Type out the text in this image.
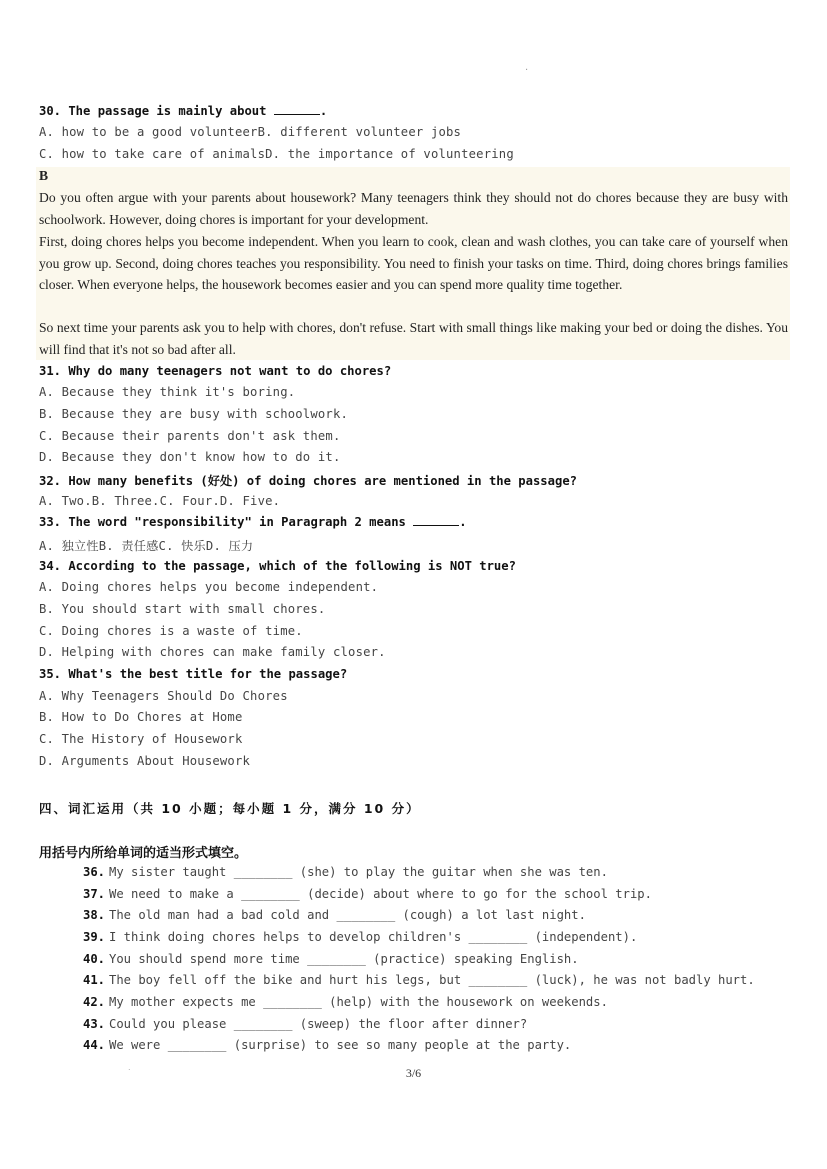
.
30. The passage is mainly about	.
A. how to be a good volunteerB. different volunteer jobs
C. how to take care of animalsD. the importance of volunteering
B
Do you often argue with your parents about housework? Many teenagers think they should not do chores because they are busy with schoolwork. However, doing chores is important for your development.
First, doing chores helps you become independent. When you learn to cook, clean and wash clothes, you can take care of yourself when you grow up. Second, doing chores teaches you responsibility. You need to finish your tasks on time. Third, doing chores brings families closer. When everyone helps, the housework becomes easier and you can spend more quality time together.
So next time your parents ask you to help with chores, don't refuse. Start with small things like making your bed or doing the dishes. You will find that it's not so bad after all.
31. Why do many teenagers not want to do chores?
A. Because they think it's boring.
B. Because they are busy with schoolwork.
C. Because their parents don't ask them.
D. Because they don't know how to do it.
32. How many benefits (好处) of doing chores are mentioned in the passage?
A. Two.B. Three.C. Four.D. Five.
33. The word "responsibility" in Paragraph 2 means	.
A. 独立性B. 责任感C. 快乐D. 压力
34. According to the passage, which of the following is NOT true?
A. Doing chores helps you become independent.
B. You should start with small chores.
C. Doing chores is a waste of time.
D. Helping with chores can make family closer.
35. What's the best title for the passage?
A. Why Teenagers Should Do Chores
B. How to Do Chores at Home
C. The History of Housework
D. Arguments About Housework
四、词汇运用（共 10 小题；每小题 1 分，满分 10 分）
用括号内所给单词的适当形式填空。
36. My sister taught ________ (she) to play the guitar when she was ten.
37. We need to make a ________ (decide) about where to go for the school trip.
38. The old man had a bad cold and ________ (cough) a lot last night.
39. I think doing chores helps to develop children's ________ (independent).
40. You should spend more time ________ (practice) speaking English.
41. The boy fell off the bike and hurt his legs, but ________ (luck), he was not badly hurt.
42. My mother expects me ________ (help) with the housework on weekends.
43. Could you please ________ (sweep) the floor after dinner?
44. We were ________ (surprise) to see so many people at the party.
.	3/6
